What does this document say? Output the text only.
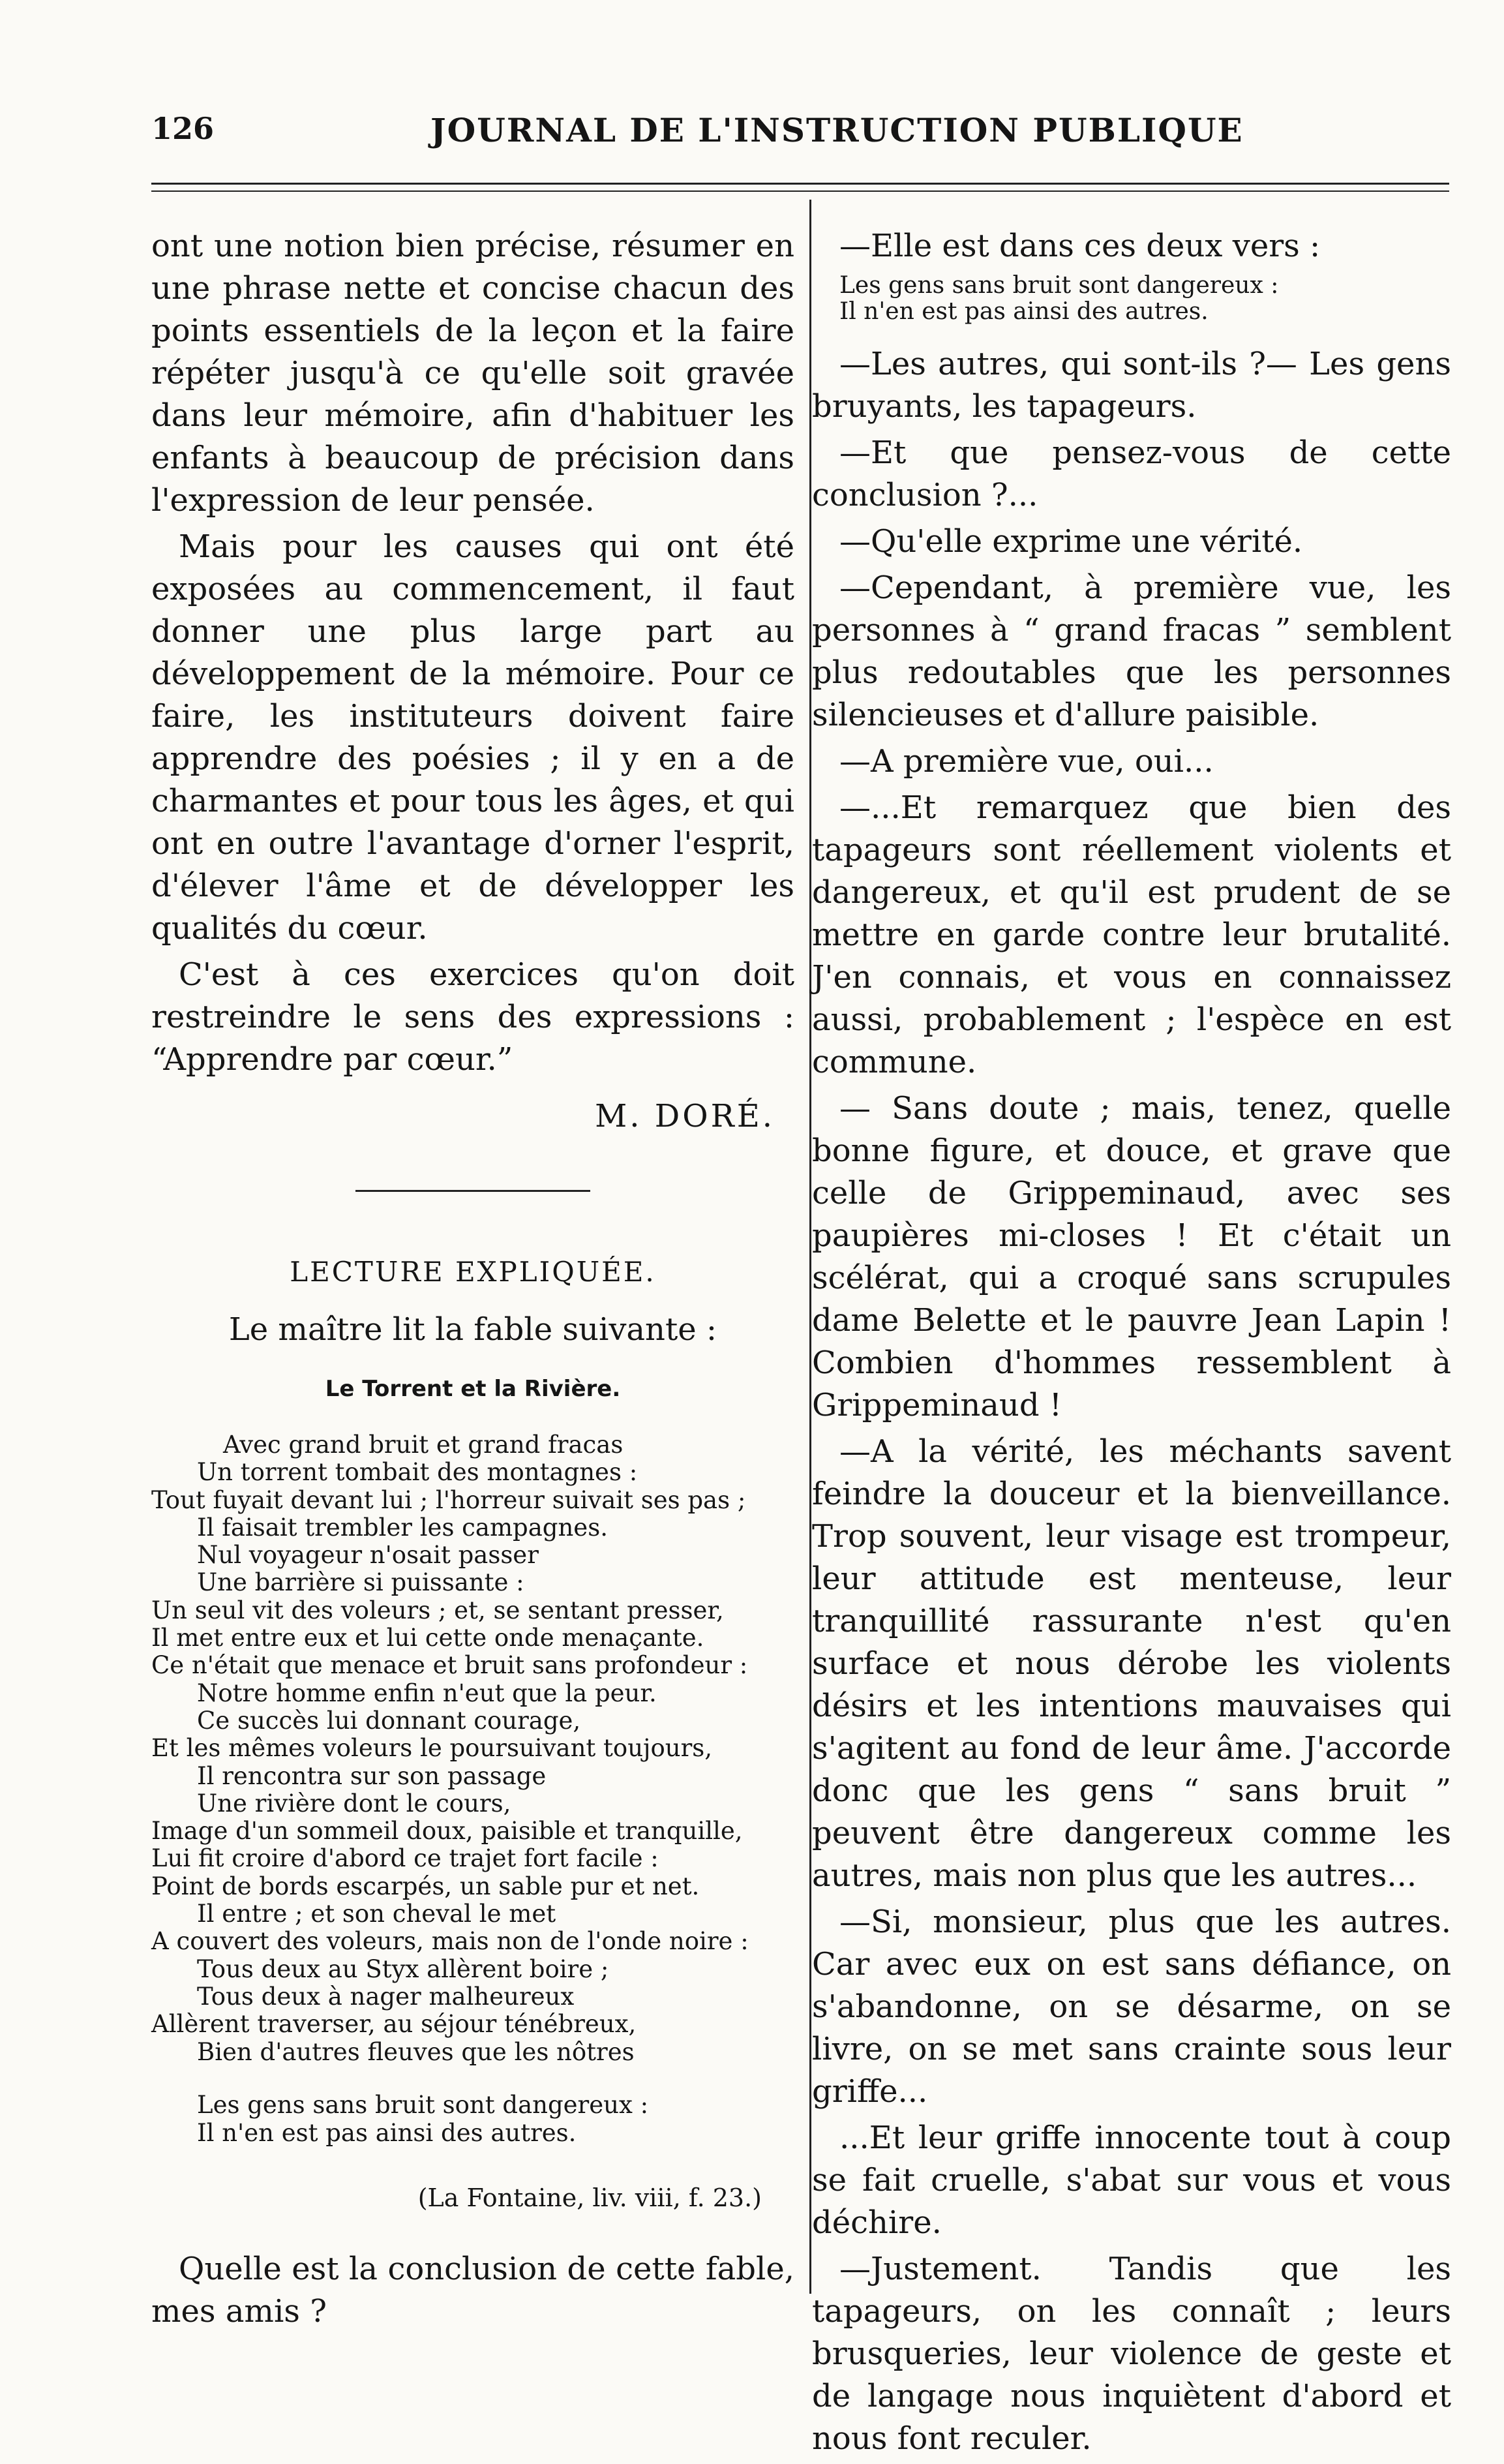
126	JOURNAL DE L'INSTRUCTION PUBLIQUE

ont une notion bien précise, résumer en une phrase nette et concise chacun des points essentiels de la leçon et la faire répéter jusqu'à ce qu'elle soit gravée dans leur mémoire, afin d'habituer les enfants à beaucoup de précision dans l'expression de leur pensée.

Mais pour les causes qui ont été exposées au commencement, il faut donner une plus large part au développement de la mémoire. Pour ce faire, les instituteurs doivent faire apprendre des poésies ; il y en a de charmantes et pour tous les âges, et qui ont en outre l'avantage d'orner l'esprit, d'élever l'âme et de développer les qualités du cœur.

C'est à ces exercices qu'on doit restreindre le sens des expressions : “Apprendre par cœur.”

M. DORÉ.
LECTURE EXPLIQUÉE.
Le maître lit la fable suivante :
Le Torrent et la Rivière.
Avec grand bruit et grand fracas
Un torrent tombait des montagnes :
Tout fuyait devant lui ; l'horreur suivait ses pas ;
Il faisait trembler les campagnes.
Nul voyageur n'osait passer
Une barrière si puissante :
Un seul vit des voleurs ; et, se sentant presser,
Il met entre eux et lui cette onde menaçante.
Ce n'était que menace et bruit sans profondeur :
Notre homme enfin n'eut que la peur.
Ce succès lui donnant courage,
Et les mêmes voleurs le poursuivant toujours,
Il rencontra sur son passage
Une rivière dont le cours,
Image d'un sommeil doux, paisible et tranquille,
Lui fit croire d'abord ce trajet fort facile :
Point de bords escarpés, un sable pur et net.
Il entre ; et son cheval le met
A couvert des voleurs, mais non de l'onde noire :
Tous deux au Styx allèrent boire ;
Tous deux à nager malheureux
Allèrent traverser, au séjour ténébreux,
Bien d'autres fleuves que les nôtres
Les gens sans bruit sont dangereux :
Il n'en est pas ainsi des autres.
(La Fontaine, liv. viii, f. 23.)

Quelle est la conclusion de cette fable, mes amis ?

—Elle est dans ces deux vers :

Les gens sans bruit sont dangereux :
Il n'en est pas ainsi des autres.

—Les autres, qui sont-ils ?— Les gens bruyants, les tapageurs.

—Et que pensez-vous de cette conclusion ?...

—Qu'elle exprime une vérité.

—Cependant, à première vue, les personnes à “ grand fracas ” semblent plus redoutables que les personnes silencieuses et d'allure paisible.

—A première vue, oui...

—...Et remarquez que bien des tapageurs sont réellement violents et dangereux, et qu'il est prudent de se mettre en garde contre leur brutalité. J'en connais, et vous en connaissez aussi, probablement ; l'espèce en est commune.

— Sans doute ; mais, tenez, quelle bonne figure, et douce, et grave que celle de Grippeminaud, avec ses paupières mi-closes ! Et c'était un scélérat, qui a croqué sans scrupules dame Belette et le pauvre Jean Lapin ! Combien d'hommes ressemblent à Grippeminaud !

—A la vérité, les méchants savent feindre la douceur et la bienveillance. Trop souvent, leur visage est trompeur, leur attitude est menteuse, leur tranquillité rassurante n'est qu'en surface et nous dérobe les violents désirs et les intentions mauvaises qui s'agitent au fond de leur âme. J'accorde donc que les gens “ sans bruit ” peuvent être dangereux comme les autres, mais non plus que les autres...

—Si, monsieur, plus que les autres. Car avec eux on est sans défiance, on s'abandonne, on se désarme, on se livre, on se met sans crainte sous leur griffe...

...Et leur griffe innocente tout à coup se fait cruelle, s'abat sur vous et vous déchire.

—Justement. Tandis que les tapageurs, on les connaît ; leurs brusqueries, leur violence de geste et de langage nous inquiètent d'abord et nous font reculer.
